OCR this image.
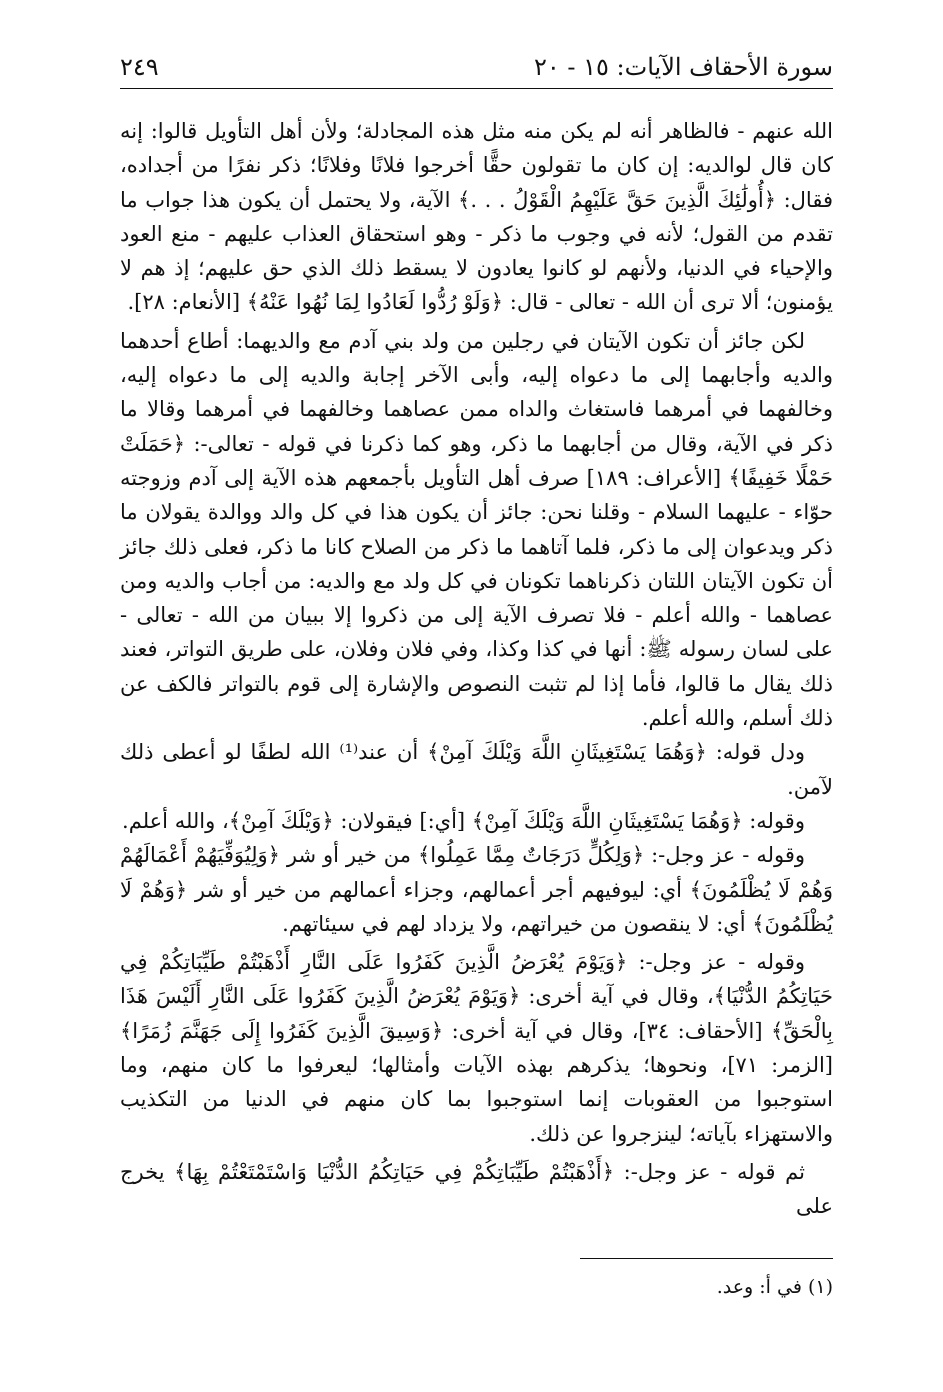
سورة الأحقاف الآيات: ١٥ - ٢٠
٢٤٩

الله عنهم - فالظاهر أنه لم يكن منه مثل هذه المجادلة؛ ولأن أهل التأويل قالوا: إنه كان قال لوالديه: إن كان ما تقولون حقًّا أخرجوا فلانًا وفلانًا؛ ذكر نفرًا من أجداده، فقال: ﴿أُولَٰئِكَ الَّذِينَ حَقَّ عَلَيْهِمُ الْقَوْلُ . . .﴾ الآية، ولا يحتمل أن يكون هذا جواب ما تقدم من القول؛ لأنه في وجوب ما ذكر - وهو استحقاق العذاب عليهم - منع العود والإحياء في الدنيا، ولأنهم لو كانوا يعادون لا يسقط ذلك الذي حق عليهم؛ إذ هم لا يؤمنون؛ ألا ترى أن الله - تعالى - قال: ﴿وَلَوْ رُدُّوا لَعَادُوا لِمَا نُهُوا عَنْهُ﴾ [الأنعام: ٢٨].

لكن جائز أن تكون الآيتان في رجلين من ولد بني آدم مع والديهما: أطاع أحدهما والديه وأجابهما إلى ما دعواه إليه، وأبى الآخر إجابة والديه إلى ما دعواه إليه، وخالفهما في أمرهما فاستغاث والداه ممن عصاهما وخالفهما في أمرهما وقالا ما ذكر في الآية، وقال من أجابهما ما ذكر، وهو كما ذكرنا في قوله - تعالى-: ﴿حَمَلَتْ حَمْلًا خَفِيفًا﴾ [الأعراف: ١٨٩] صرف أهل التأويل بأجمعهم هذه الآية إلى آدم وزوجته حوّاء - عليهما السلام - وقلنا نحن: جائز أن يكون هذا في كل والد ووالدة يقولان ما ذكر ويدعوان إلى ما ذكر، فلما آتاهما ما ذكر من الصلاح كانا ما ذكر، فعلى ذلك جائز أن تكون الآيتان اللتان ذكرناهما تكونان في كل ولد مع والديه: من أجاب والديه ومن عصاهما - والله أعلم - فلا تصرف الآية إلى من ذكروا إلا ببيان من الله - تعالى - على لسان رسوله ﷺ: أنها في كذا وكذا، وفي فلان وفلان، على طريق التواتر، فعند ذلك يقال ما قالوا، فأما إذا لم تثبت النصوص والإشارة إلى قوم بالتواتر فالكف عن ذلك أسلم، والله أعلم.

ودل قوله: ﴿وَهُمَا يَسْتَغِيثَانِ اللَّهَ وَيْلَكَ آمِنْ﴾ أن عند⁽¹⁾ الله لطفًا لو أعطى ذلك لآمن.

وقوله: ﴿وَهُمَا يَسْتَغِيثَانِ اللَّهَ وَيْلَكَ آمِنْ﴾ [أي:] فيقولان: ﴿وَيْلَكَ آمِنْ﴾، والله أعلم.

وقوله - عز وجل-: ﴿وَلِكُلٍّ دَرَجَاتٌ مِمَّا عَمِلُوا﴾ من خير أو شر ﴿وَلِيُوَفِّيَهُمْ أَعْمَالَهُمْ وَهُمْ لَا يُظْلَمُونَ﴾ أي: ليوفيهم أجر أعمالهم، وجزاء أعمالهم من خير أو شر ﴿وَهُمْ لَا يُظْلَمُونَ﴾ أي: لا ينقصون من خيراتهم، ولا يزداد لهم في سيئاتهم.

وقوله - عز وجل-: ﴿وَيَوْمَ يُعْرَضُ الَّذِينَ كَفَرُوا عَلَى النَّارِ أَذْهَبْتُمْ طَيِّبَاتِكُمْ فِي حَيَاتِكُمُ الدُّنْيَا﴾، وقال في آية أخرى: ﴿وَيَوْمَ يُعْرَضُ الَّذِينَ كَفَرُوا عَلَى النَّارِ أَلَيْسَ هَذَا بِالْحَقِّ﴾ [الأحقاف: ٣٤]، وقال في آية أخرى: ﴿وَسِيقَ الَّذِينَ كَفَرُوا إِلَى جَهَنَّمَ زُمَرًا﴾ [الزمر: ٧١]، ونحوها؛ يذكرهم بهذه الآيات وأمثالها؛ ليعرفوا ما كان منهم، وما استوجبوا من العقوبات إنما استوجبوا بما كان منهم في الدنيا من التكذيب والاستهزاء بآياته؛ لينزجروا عن ذلك.

ثم قوله - عز وجل-: ﴿أَذْهَبْتُمْ طَيِّبَاتِكُمْ فِي حَيَاتِكُمُ الدُّنْيَا وَاسْتَمْتَعْتُمْ بِهَا﴾ يخرج على

(١) في أ: وعد.
